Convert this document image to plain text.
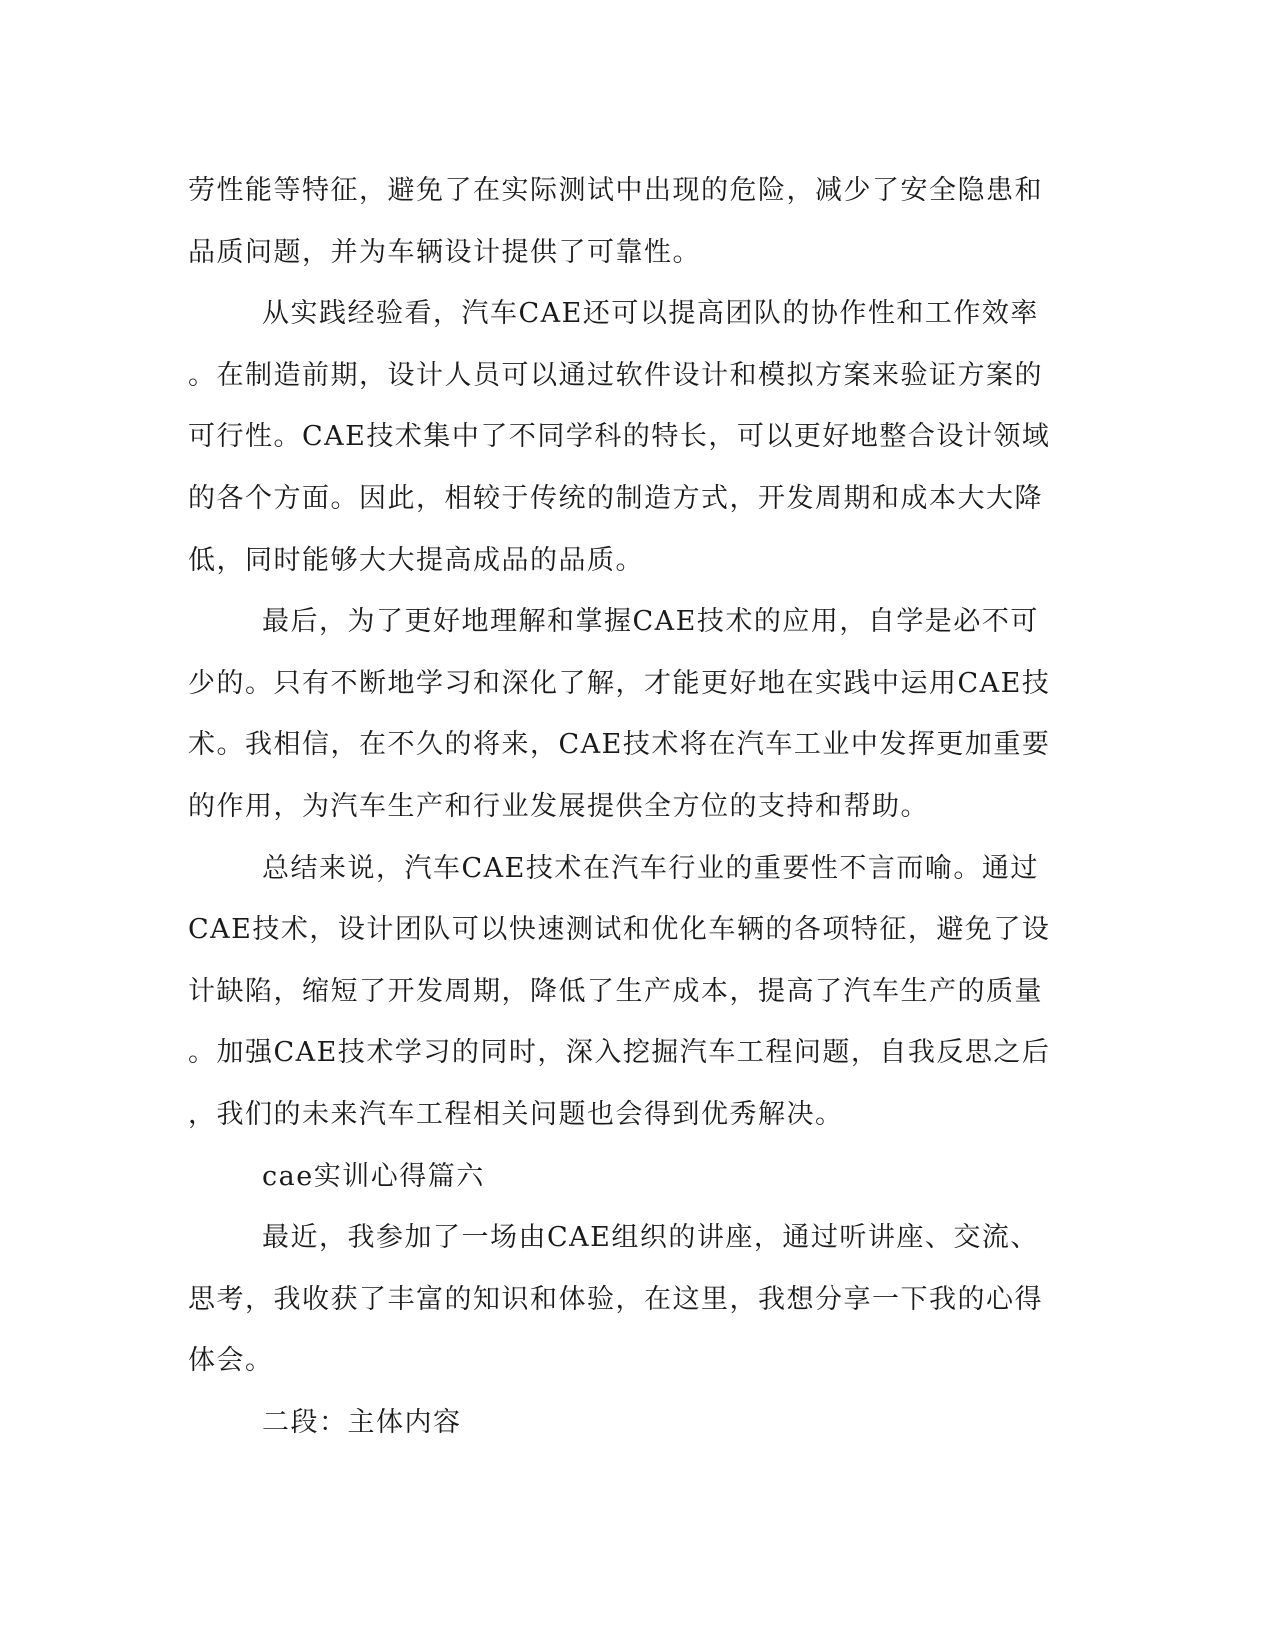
劳性能等特征，避免了在实际测试中出现的危险，减少了安全隐患和
品质问题，并为车辆设计提供了可靠性。
从实践经验看，汽车CAE还可以提高团队的协作性和工作效率
。在制造前期，设计人员可以通过软件设计和模拟方案来验证方案的
可行性。CAE技术集中了不同学科的特长，可以更好地整合设计领域
的各个方面。因此，相较于传统的制造方式，开发周期和成本大大降
低，同时能够大大提高成品的品质。
最后，为了更好地理解和掌握CAE技术的应用，自学是必不可
少的。只有不断地学习和深化了解，才能更好地在实践中运用CAE技
术。我相信，在不久的将来，CAE技术将在汽车工业中发挥更加重要
的作用，为汽车生产和行业发展提供全方位的支持和帮助。
总结来说，汽车CAE技术在汽车行业的重要性不言而喻。通过
CAE技术，设计团队可以快速测试和优化车辆的各项特征，避免了设
计缺陷，缩短了开发周期，降低了生产成本，提高了汽车生产的质量
。加强CAE技术学习的同时，深入挖掘汽车工程问题，自我反思之后
，我们的未来汽车工程相关问题也会得到优秀解决。
cae实训心得篇六
最近，我参加了一场由CAE组织的讲座，通过听讲座、交流、
思考，我收获了丰富的知识和体验，在这里，我想分享一下我的心得
体会。
二段：主体内容
